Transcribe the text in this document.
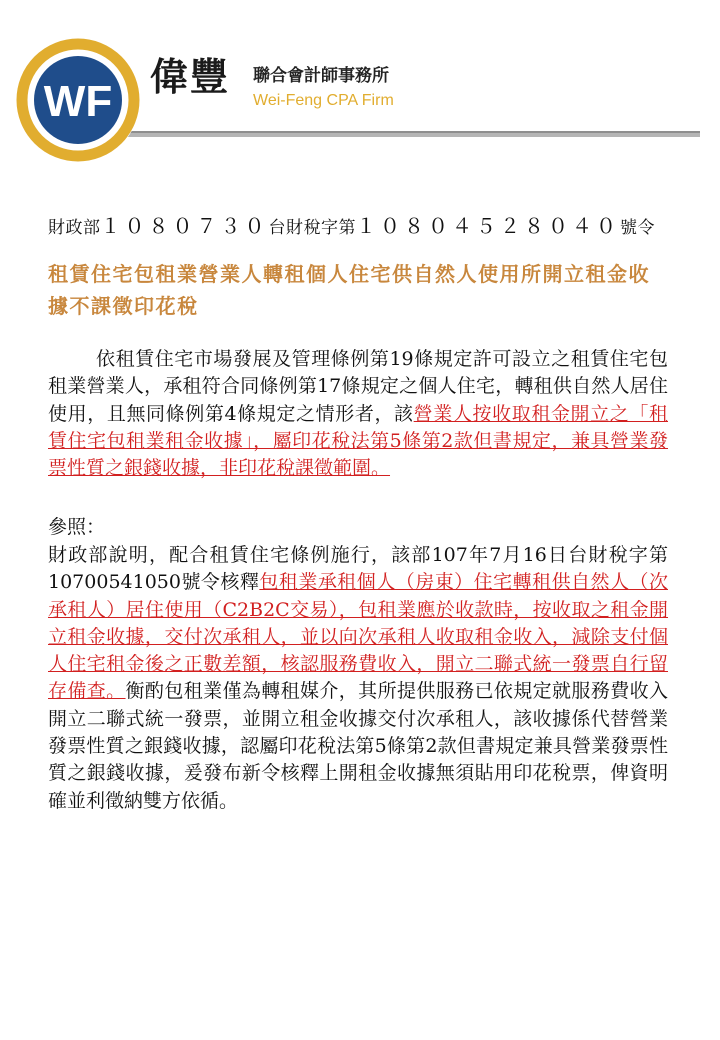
WF 偉豐 聯合會計師事務所
Wei-Feng CPA Firm
財政部１０８０７３０台財稅字第１０８０４５２８０４０號令
租賃住宅包租業營業人轉租個人住宅供自然人使用所開立租金收據不課徵印花稅
依租賃住宅市場發展及管理條例第19條規定許可設立之租賃住宅包租業營業人，承租符合同條例第17條規定之個人住宅，轉租供自然人居住使用，且無同條例第4條規定之情形者，該營業人按收取租金開立之「租賃住宅包租業租金收據」，屬印花稅法第5條第2款但書規定，兼具營業發票性質之銀錢收據，非印花稅課徵範圍。
參照：
財政部說明，配合租賃住宅條例施行，該部107年7月16日台財稅字第10700541050號令核釋包租業承租個人（房東）住宅轉租供自然人（次承租人）居住使用（C2B2C交易），包租業應於收款時，按收取之租金開立租金收據，交付次承租人，並以向次承租人收取租金收入，減除支付個人住宅租金後之正數差額，核認服務費收入，開立二聯式統一發票自行留存備查。衡酌包租業僅為轉租媒介，其所提供服務已依規定就服務費收入開立二聯式統一發票，並開立租金收據交付次承租人，該收據係代替營業發票性質之銀錢收據，認屬印花稅法第5條第2款但書規定兼具營業發票性質之銀錢收據，爰發布新令核釋上開租金收據無須貼用印花稅票，俾資明確並利徵納雙方依循。
